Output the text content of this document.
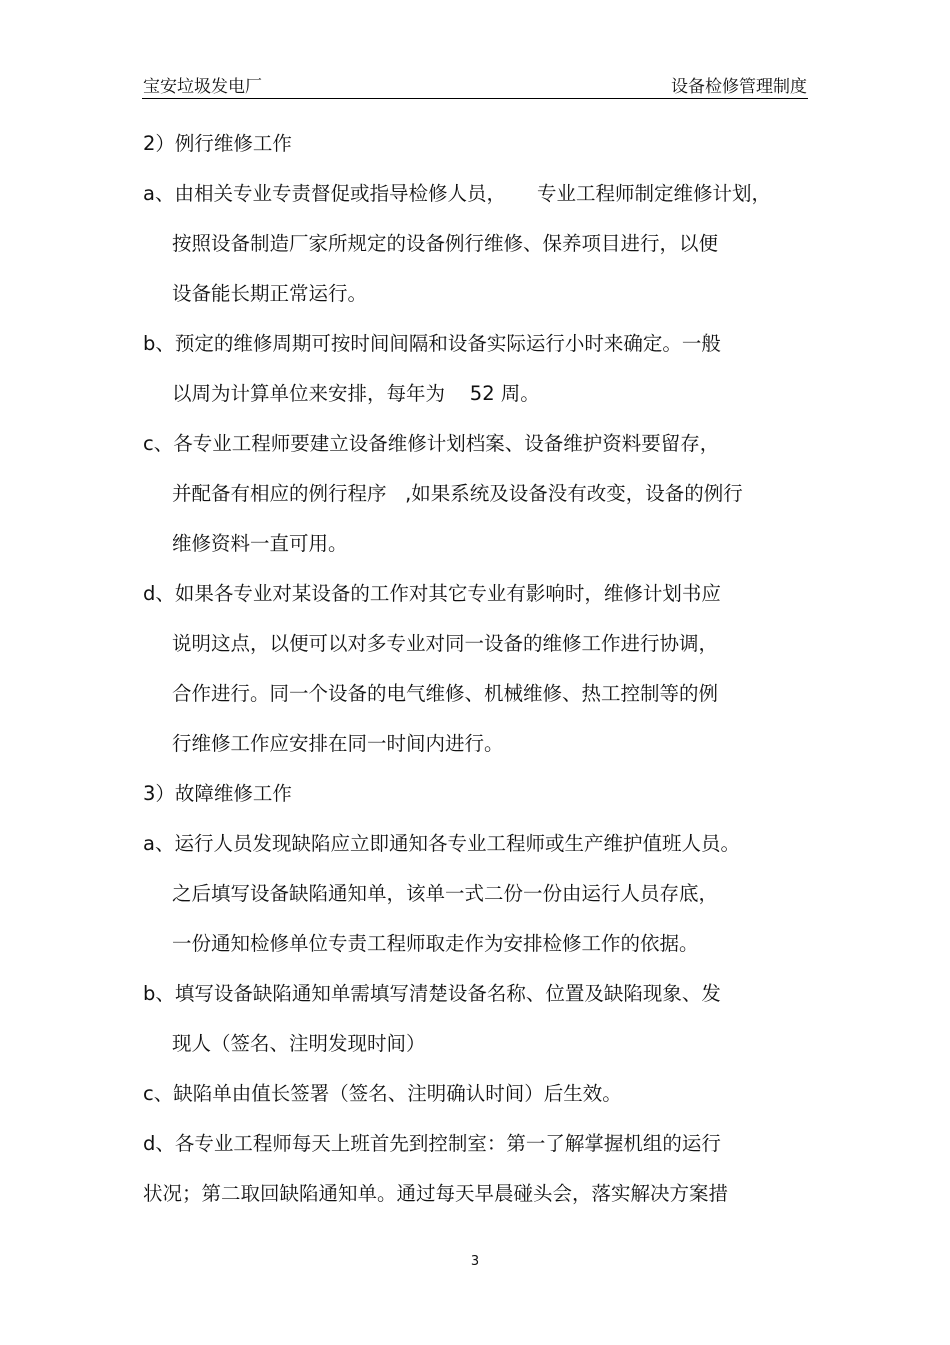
宝安垃圾发电厂	设备检修管理制度
2）例行维修工作
a、由相关专业专责督促或指导检修人员，     专业工程师制定维修计划，
按照设备制造厂家所规定的设备例行维修、保养项目进行，以便
设备能长期正常运行。
b、预定的维修周期可按时间间隔和设备实际运行小时来确定。一般
以周为计算单位来安排，每年为    52 周。
c、各专业工程师要建立设备维修计划档案、设备维护资料要留存，
并配备有相应的例行程序   ,如果系统及设备没有改变，设备的例行
维修资料一直可用。
d、如果各专业对某设备的工作对其它专业有影响时，维修计划书应
说明这点，以便可以对多专业对同一设备的维修工作进行协调，
合作进行。同一个设备的电气维修、机械维修、热工控制等的例
行维修工作应安排在同一时间内进行。
3）故障维修工作
a、运行人员发现缺陷应立即通知各专业工程师或生产维护值班人员。
之后填写设备缺陷通知单，该单一式二份一份由运行人员存底，
一份通知检修单位专责工程师取走作为安排检修工作的依据。
b、填写设备缺陷通知单需填写清楚设备名称、位置及缺陷现象、发
现人（签名、注明发现时间）
c、缺陷单由值长签署（签名、注明确认时间）后生效。
d、各专业工程师每天上班首先到控制室：第一了解掌握机组的运行
状况；第二取回缺陷通知单。通过每天早晨碰头会，落实解决方案措
3
